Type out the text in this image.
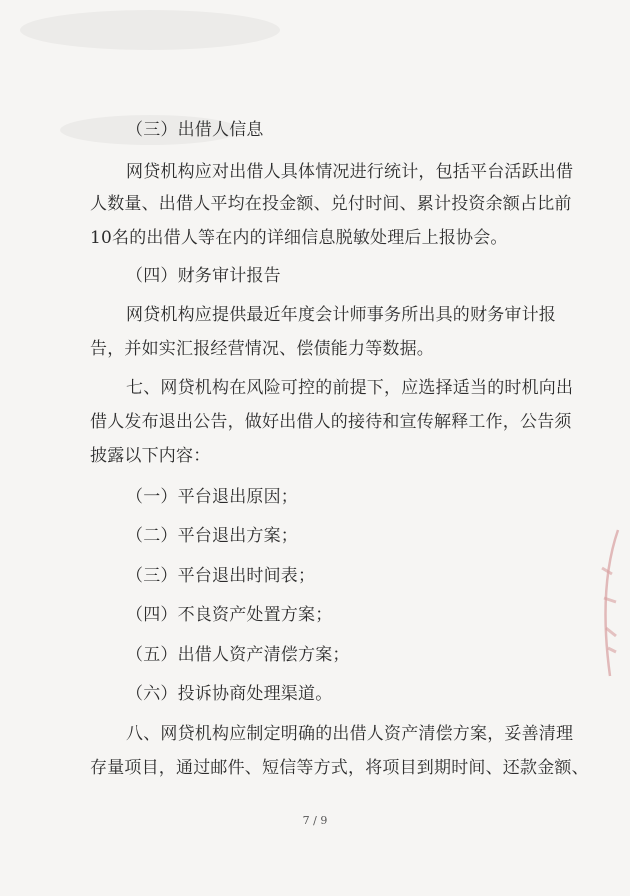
（三）出借人信息
网贷机构应对出借人具体情况进行统计，包括平台活跃出借
人数量、出借人平均在投金额、兑付时间、累计投资余额占比前
10名的出借人等在内的详细信息脱敏处理后上报协会。
（四）财务审计报告
网贷机构应提供最近年度会计师事务所出具的财务审计报
告，并如实汇报经营情况、偿债能力等数据。
七、网贷机构在风险可控的前提下，应选择适当的时机向出
借人发布退出公告，做好出借人的接待和宣传解释工作，公告须
披露以下内容：
（一）平台退出原因；
（二）平台退出方案；
（三）平台退出时间表；
（四）不良资产处置方案；
（五）出借人资产清偿方案；
（六）投诉协商处理渠道。
八、网贷机构应制定明确的出借人资产清偿方案，妥善清理
存量项目，通过邮件、短信等方式，将项目到期时间、还款金额、
7 / 9
